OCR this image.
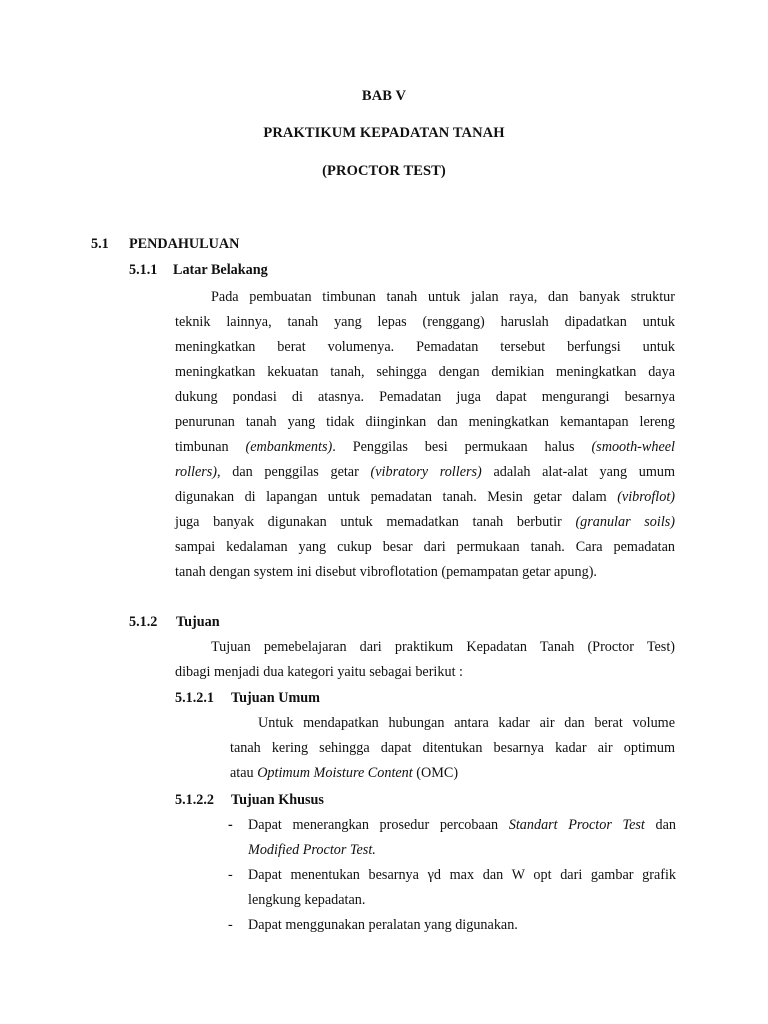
BAB V
PRAKTIKUM KEPADATAN TANAH
(PROCTOR TEST)
5.1 PENDAHULUAN
5.1.1 Latar Belakang
Pada pembuatan timbunan tanah untuk jalan raya, dan banyak struktur
teknik lainnya, tanah yang lepas (renggang) haruslah dipadatkan untuk
meningkatkan berat volumenya. Pemadatan tersebut berfungsi untuk
meningkatkan kekuatan tanah, sehingga dengan demikian meningkatkan daya
dukung pondasi di atasnya. Pemadatan juga dapat mengurangi besarnya
penurunan tanah yang tidak diinginkan dan meningkatkan kemantapan lereng
timbunan (embankments). Penggilas besi permukaan halus (smooth-wheel
rollers), dan penggilas getar (vibratory rollers) adalah alat-alat yang umum
digunakan di lapangan untuk pemadatan tanah. Mesin getar dalam (vibroflot)
juga banyak digunakan untuk memadatkan tanah berbutir (granular soils)
sampai kedalaman yang cukup besar dari permukaan tanah. Cara pemadatan
tanah dengan system ini disebut vibroflotation (pemampatan getar apung).
5.1.2 Tujuan
Tujuan pemebelajaran dari praktikum Kepadatan Tanah (Proctor Test)
dibagi menjadi dua kategori yaitu sebagai berikut :
5.1.2.1 Tujuan Umum
Untuk mendapatkan hubungan antara kadar air dan berat volume
tanah kering sehingga dapat ditentukan besarnya kadar air optimum
atau Optimum Moisture Content (OMC)
5.1.2.2 Tujuan Khusus
- Dapat menerangkan prosedur percobaan Standart Proctor Test dan
Modified Proctor Test.
- Dapat menentukan besarnya γd max dan W opt dari gambar grafik
lengkung kepadatan.
- Dapat menggunakan peralatan yang digunakan.
